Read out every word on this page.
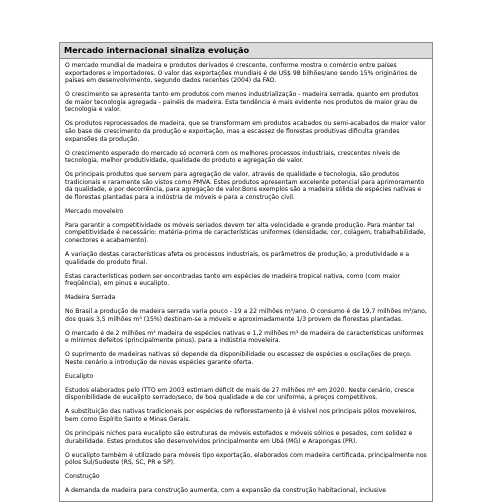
Mercado internacional sinaliza evolução

O mercado mundial de madeira e produtos derivados é crescente, conforme mostra o comércio entre países exportadores e importadores. O valor das exportações mundiais é de US$ 98 bilhões/ano sendo 15% originários de países em desenvolvimento, segundo dados recentes (2004) da FAO.

O crescimento se apresenta tanto em produtos com menos industrialização - madeira serrada, quanto em produtos de maior tecnologia agregada - painéis de madeira. Esta tendência é mais evidente nos produtos de maior grau de tecnologia e valor.

Os produtos reprocessados de madeira, que se transformam em produtos acabados ou semi-acabados de maior valor são base de crescimento da produção e exportação, mas a escassez de florestas produtivas dificulta grandes expansões da produção.

O crescimento esperado do mercado só ocorrerá com os melhores processos industriais, crescentes níveis de tecnologia, melhor produtividade, qualidade do produto e agregação de valor.

Os principais produtos que servem para agregação de valor, através de qualidade e tecnologia, são produtos tradicionais e raramente são vistos como PMVA. Estes produtos apresentam excelente potencial para aprimoramento da qualidade, e por decorrência, para agregação de valor.Bons exemplos são a madeira sólida de espécies nativas e de florestas plantadas para a indústria de móveis e para a construção civil.

Mercado moveleiro

Para garantir a competitividade os móveis seriados devem ter alta velocidade e grande produção. Para manter tal competitividade é necessário: matéria-prima de características uniformes (densidade, cor, colagem, trabalhabilidade, conectores e acabamento).

A variação destas características afeta os processos industriais, os parâmetros de produção, a produtividade e a qualidade do produto final.

Estas características podem ser encontradas tanto em espécies de madeira tropical nativa, como (com maior freqüência), em pinus e eucalipto.

Madeira Serrada

No Brasil a produção de madeira serrada varia pouco - 19 a 22 milhões m³/ano. O consumo é de 19,7 milhões m³/ano, dos quais 3,5 milhões m³ (15%) destinam-se a móveis e aproximadamente 1/3 provem de florestas plantadas.

O mercado é de 2 milhões m³ madeira de espécies nativas e 1,2 milhões m³ de madeira de características uniformes e mínimos defeitos (principalmente pinus), para a indústria moveleira.

O suprimento de madeiras nativas só depende da disponibilidade ou escassez de espécies e oscilações de preço. Neste cenário a introdução de novas espécies garante oferta.

Eucalipto

Estudos elaborados pelo ITTO em 2003 estimam déficit de mais de 27 milhões m³ em 2020. Neste cenário, cresce disponibilidade de eucalipto serrado/seco, de boa qualidade e de cor uniforme, a preços competitivos.

A substituição das nativas tradicionais por espécies de reflorestamento já é visível nos principais pólos moveleiros, bem como Espírito Santo e Minas Gerais.

Os principais nichos para eucalipto são estruturas de móveis estofados e móveis sólrios e pesados, com solidez e durabilidade. Estes produtos são desenvolvidos principalmente em Ubá (MG) e Arapongas (PR).

O eucalipto também é utilizado para móveis tipo exportação, elaborados com madeira certificada, principalmente nos pólos Sul/Sudeste (RS, SC, PR e SP).

Construção

A demanda de madeira para construção aumenta, com a expansão da construção habitacional, inclusive
